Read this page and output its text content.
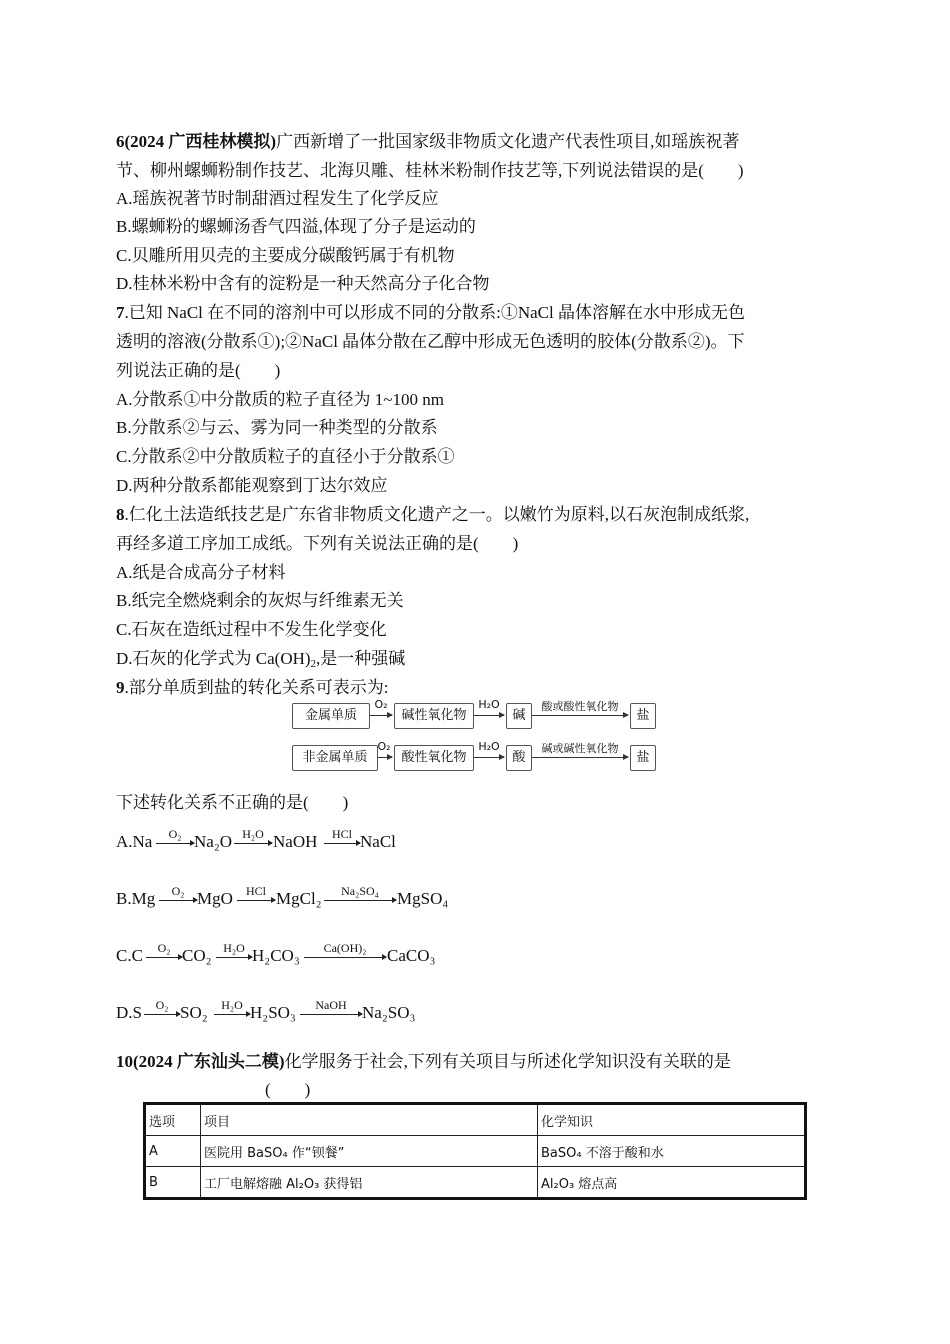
6(2024 广西桂林模拟)广西新增了一批国家级非物质文化遗产代表性项目,如瑶族祝著
节、柳州螺蛳粉制作技艺、北海贝雕、桂林米粉制作技艺等,下列说法错误的是(　　)
A.瑶族祝著节时制甜酒过程发生了化学反应
B.螺蛳粉的螺蛳汤香气四溢,体现了分子是运动的
C.贝雕所用贝壳的主要成分碳酸钙属于有机物
D.桂林米粉中含有的淀粉是一种天然高分子化合物
7.已知 NaCl 在不同的溶剂中可以形成不同的分散系:①NaCl 晶体溶解在水中形成无色
透明的溶液(分散系①);②NaCl 晶体分散在乙醇中形成无色透明的胶体(分散系②)。下
列说法正确的是(　　)
A.分散系①中分散质的粒子直径为 1~100 nm
B.分散系②与云、雾为同一种类型的分散系
C.分散系②中分散质粒子的直径小于分散系①
D.两种分散系都能观察到丁达尔效应
8.仁化土法造纸技艺是广东省非物质文化遗产之一。以嫩竹为原料,以石灰泡制成纸浆,
再经多道工序加工成纸。下列有关说法正确的是(　　)
A.纸是合成高分子材料
B.纸完全燃烧剩余的灰烬与纤维素无关
C.石灰在造纸过程中不发生化学变化
D.石灰的化学式为 $Ca(OH)_2$,是一种强碱
9.部分单质到盐的转化关系可表示为:
金属单质
O₂
碱性氧化物
H₂O
碱
酸或酸性氧化物
盐
非金属单质
O₂
酸性氧化物
H₂O
酸
碱或碱性氧化物
盐
下述转化关系不正确的是(　　)
A.Na	O₂ Na₂O H₂O NaOH	HCl NaCl
B.Mg	O₂ MgO	HCl MgCl₂	Na₂SO₄	MgSO₄
C.C	O₂ CO₂ H₂O H₂CO₃	Ca(OH)₂	CaCO₃
D.S	O₂ SO₂	H₂O H₂SO₃	NaOH Na₂SO₃
10(2024 广东汕头二模)化学服务于社会,下列有关项目与所述化学知识没有关联的是
(　　)
选项	项目	化学知识
A	医院用 BaSO₄ 作“钡餐”	BaSO₄ 不溶于酸和水
B	工厂电解熔融 Al₂O₃ 获得铝	Al₂O₃ 熔点高
